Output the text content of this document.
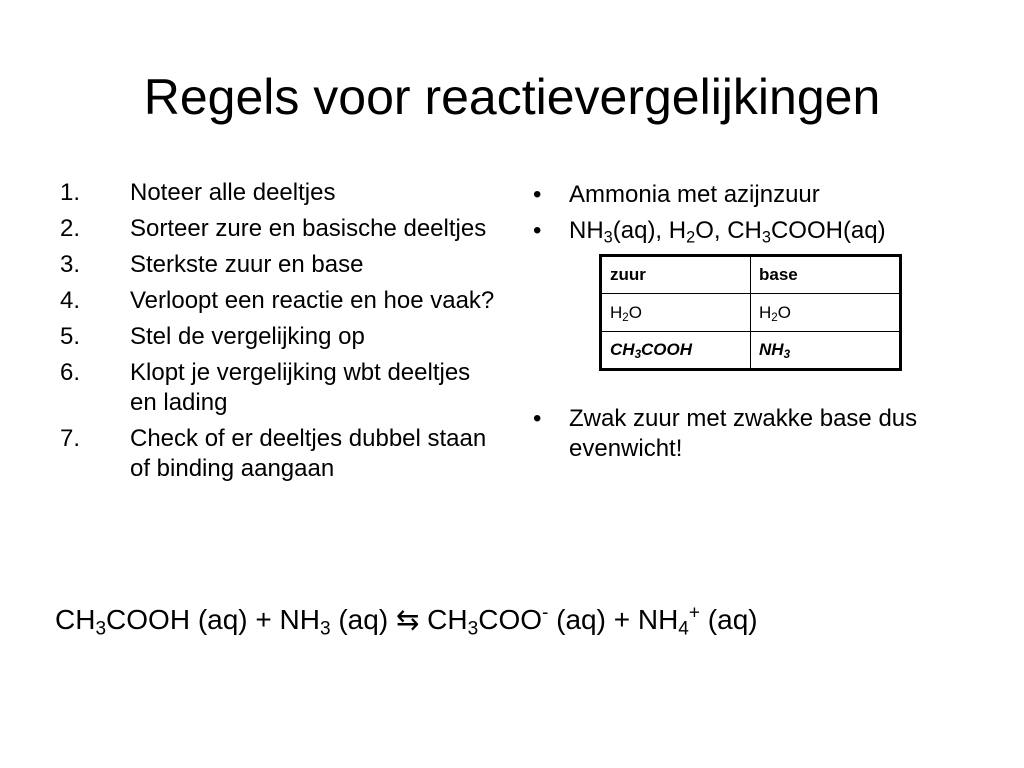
Regels voor reactievergelijkingen
1.	Noteer alle deeltjes
2.	Sorteer zure en basische deeltjes
3.	Sterkste zuur en base
4.	Verloopt een reactie en hoe vaak?
5.	Stel de vergelijking op
6.	Klopt je vergelijking wbt deeltjes en lading
7.	Check of er deeltjes dubbel staan of binding aangaan
•	Ammonia met azijnzuur
•	$NH_3(aq)$, $H_2O$, $CH_3COOH(aq)$
zuur	base
$H_2O$	$H_2O$
$CH_3COOH$	$NH_3$
•	Zwak zuur met zwakke base dus evenwicht!
$CH_3COOH$ $(aq) + NH_3$ (aq) ⇆ $CH_3COO^-$ $(aq) + NH_4^+$ (aq)
